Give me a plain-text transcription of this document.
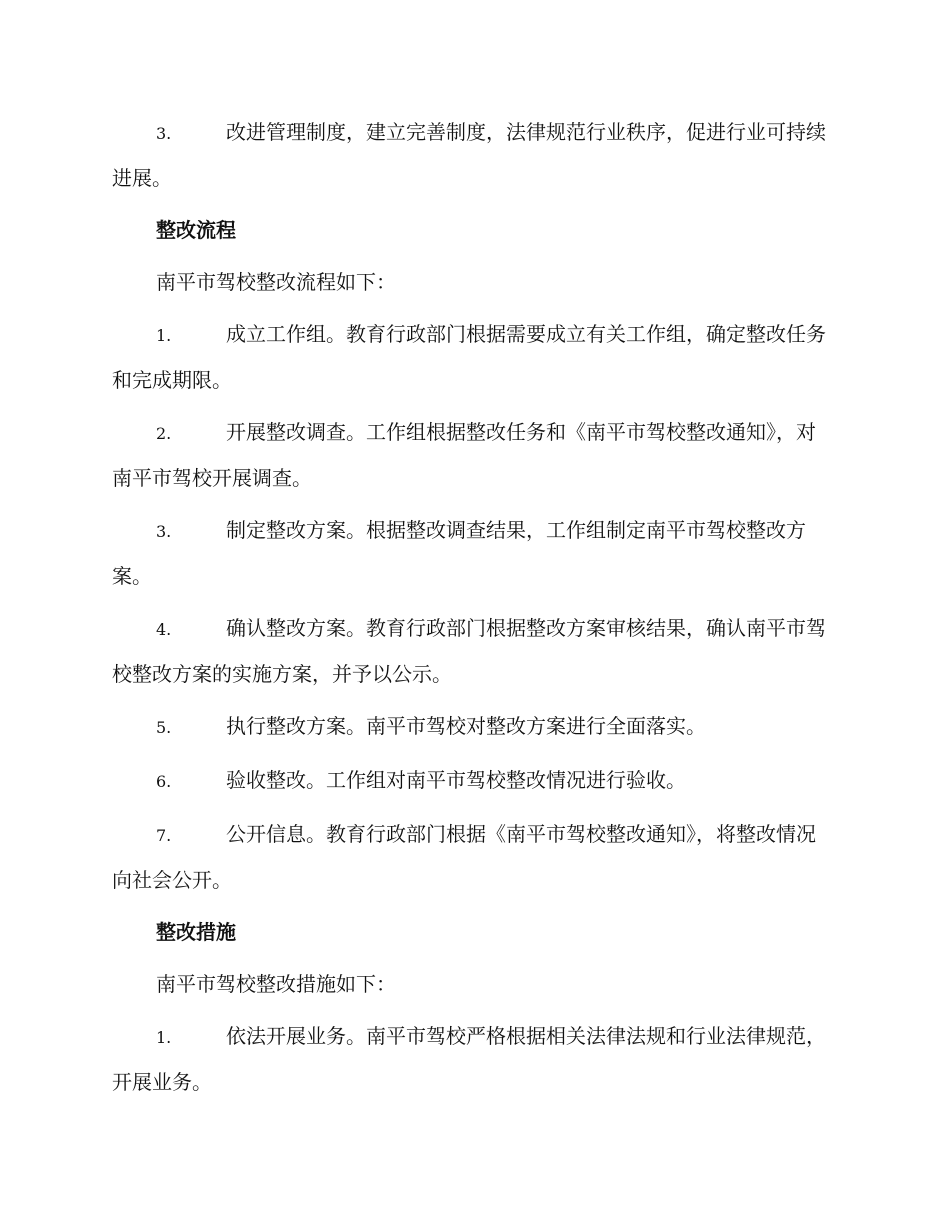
3.	改进管理制度，建立完善制度，法律规范行业秩序，促进行业可持续进展。

整改流程

南平市驾校整改流程如下：

1.	成立工作组。教育行政部门根据需要成立有关工作组，确定整改任务和完成期限。

2.	开展整改调查。工作组根据整改任务和《南平市驾校整改通知》，对南平市驾校开展调查。

3.	制定整改方案。根据整改调查结果，工作组制定南平市驾校整改方案。

4.	确认整改方案。教育行政部门根据整改方案审核结果，确认南平市驾校整改方案的实施方案，并予以公示。

5.	执行整改方案。南平市驾校对整改方案进行全面落实。

6.	验收整改。工作组对南平市驾校整改情况进行验收。

7.	公开信息。教育行政部门根据《南平市驾校整改通知》，将整改情况向社会公开。

整改措施

南平市驾校整改措施如下：

1.	依法开展业务。南平市驾校严格根据相关法律法规和行业法律规范，开展业务。
